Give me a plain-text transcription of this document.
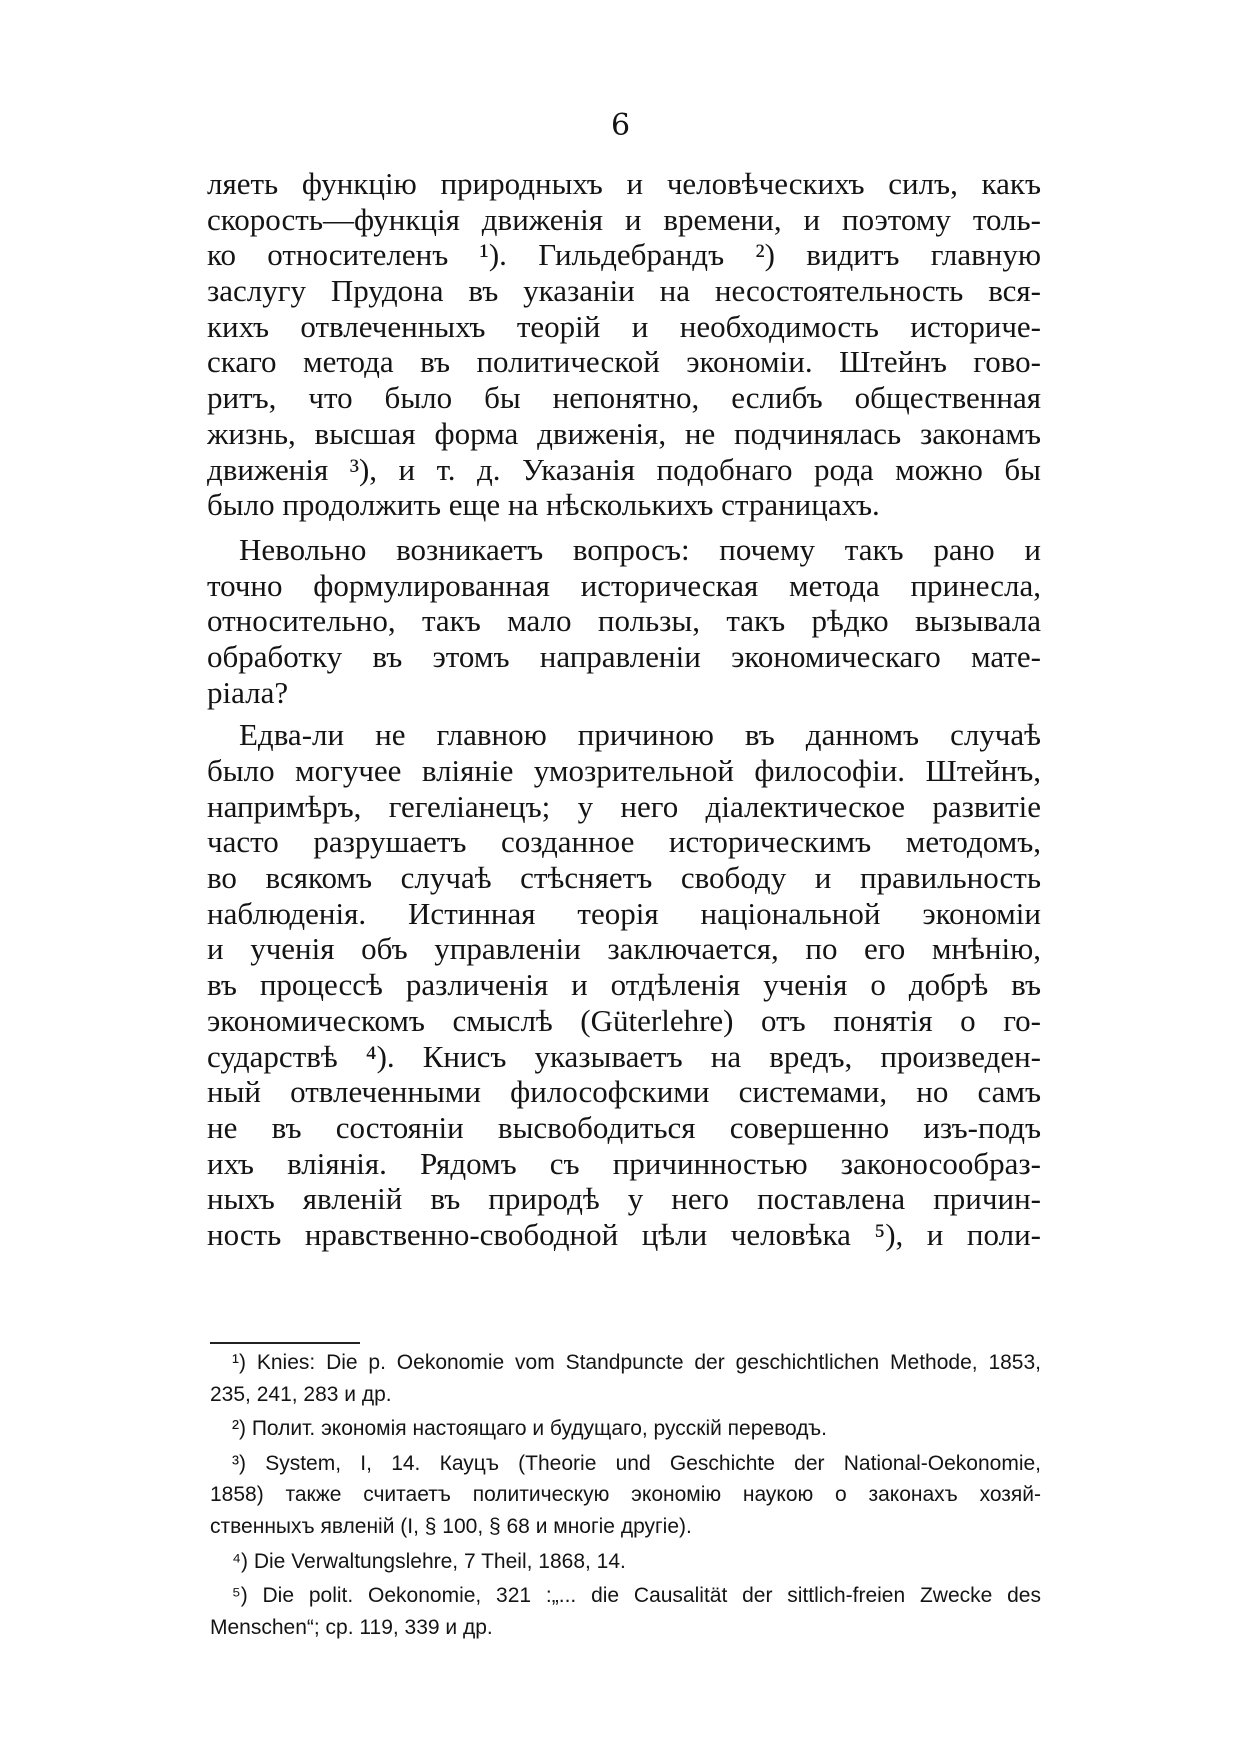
6
ляеть функцію природныхъ и человѣческихъ силъ, какъ
скорость—функція движенія и времени, и поэтому толь-
ко относителенъ ¹). Гильдебрандъ ²) видитъ главную
заслугу Прудона въ указаніи на несостоятельность вся-
кихъ отвлеченныхъ теорій и необходимость историче-
скаго метода въ политической экономіи. Штейнъ гово-
ритъ, что было бы непонятно, еслибъ общественная
жизнь, высшая форма движенія, не подчинялась законамъ
движенія ³), и т. д. Указанія подобнаго рода можно бы
было продолжить еще на нѣсколькихъ страницахъ.
Невольно возникаетъ вопросъ: почему такъ рано и
точно формулированная историческая метода принесла,
относительно, такъ мало пользы, такъ рѣдко вызывала
обработку въ этомъ направленіи экономическаго мате-
ріала?
Едва-ли не главною причиною въ данномъ случаѣ
было могучее вліяніе умозрительной философіи. Штейнъ,
напримѣръ, гегеліанецъ; у него діалектическое развитіе
часто разрушаетъ созданное историческимъ методомъ,
во всякомъ случаѣ стѣсняетъ свободу и правильность
наблюденія. Истинная теорія національной экономіи
и ученія объ управленіи заключается, по его мнѣнію,
въ процессѣ различенія и отдѣленія ученія о добрѣ въ
экономическомъ смыслѣ (Güterlehre) отъ понятія о го-
сударствѣ ⁴). Книсъ указываетъ на вредъ, произведен-
ный отвлеченными философскими системами, но самъ
не въ состояніи высвободиться совершенно изъ-подъ
ихъ вліянія. Рядомъ съ причинностью законосообраз-
ныхъ явленій въ природѣ у него поставлена причин-
ность нравственно-свободной цѣли человѣка ⁵), и поли-
¹) Knies: Die p. Oekonomie vom Standpuncte der geschichtlichen Methode, 1853,
235, 241, 283 и др.
²) Полит. экономія настоящаго и будущаго, русскій переводъ.
³) System, I, 14. Кауцъ (Theorie und Geschichte der National-Oekonomie,
1858) также считаетъ политическую экономію наукою о законахъ хозяй-
ственныхъ явленій (I, § 100, § 68 и многіе другіе).
⁴) Die Verwaltungslehre, 7 Theil, 1868, 14.
⁵) Die polit. Oekonomie, 321 :„... die Causalität der sittlich-freien Zwecke des
Menschen“; ср. 119, 339 и др.
